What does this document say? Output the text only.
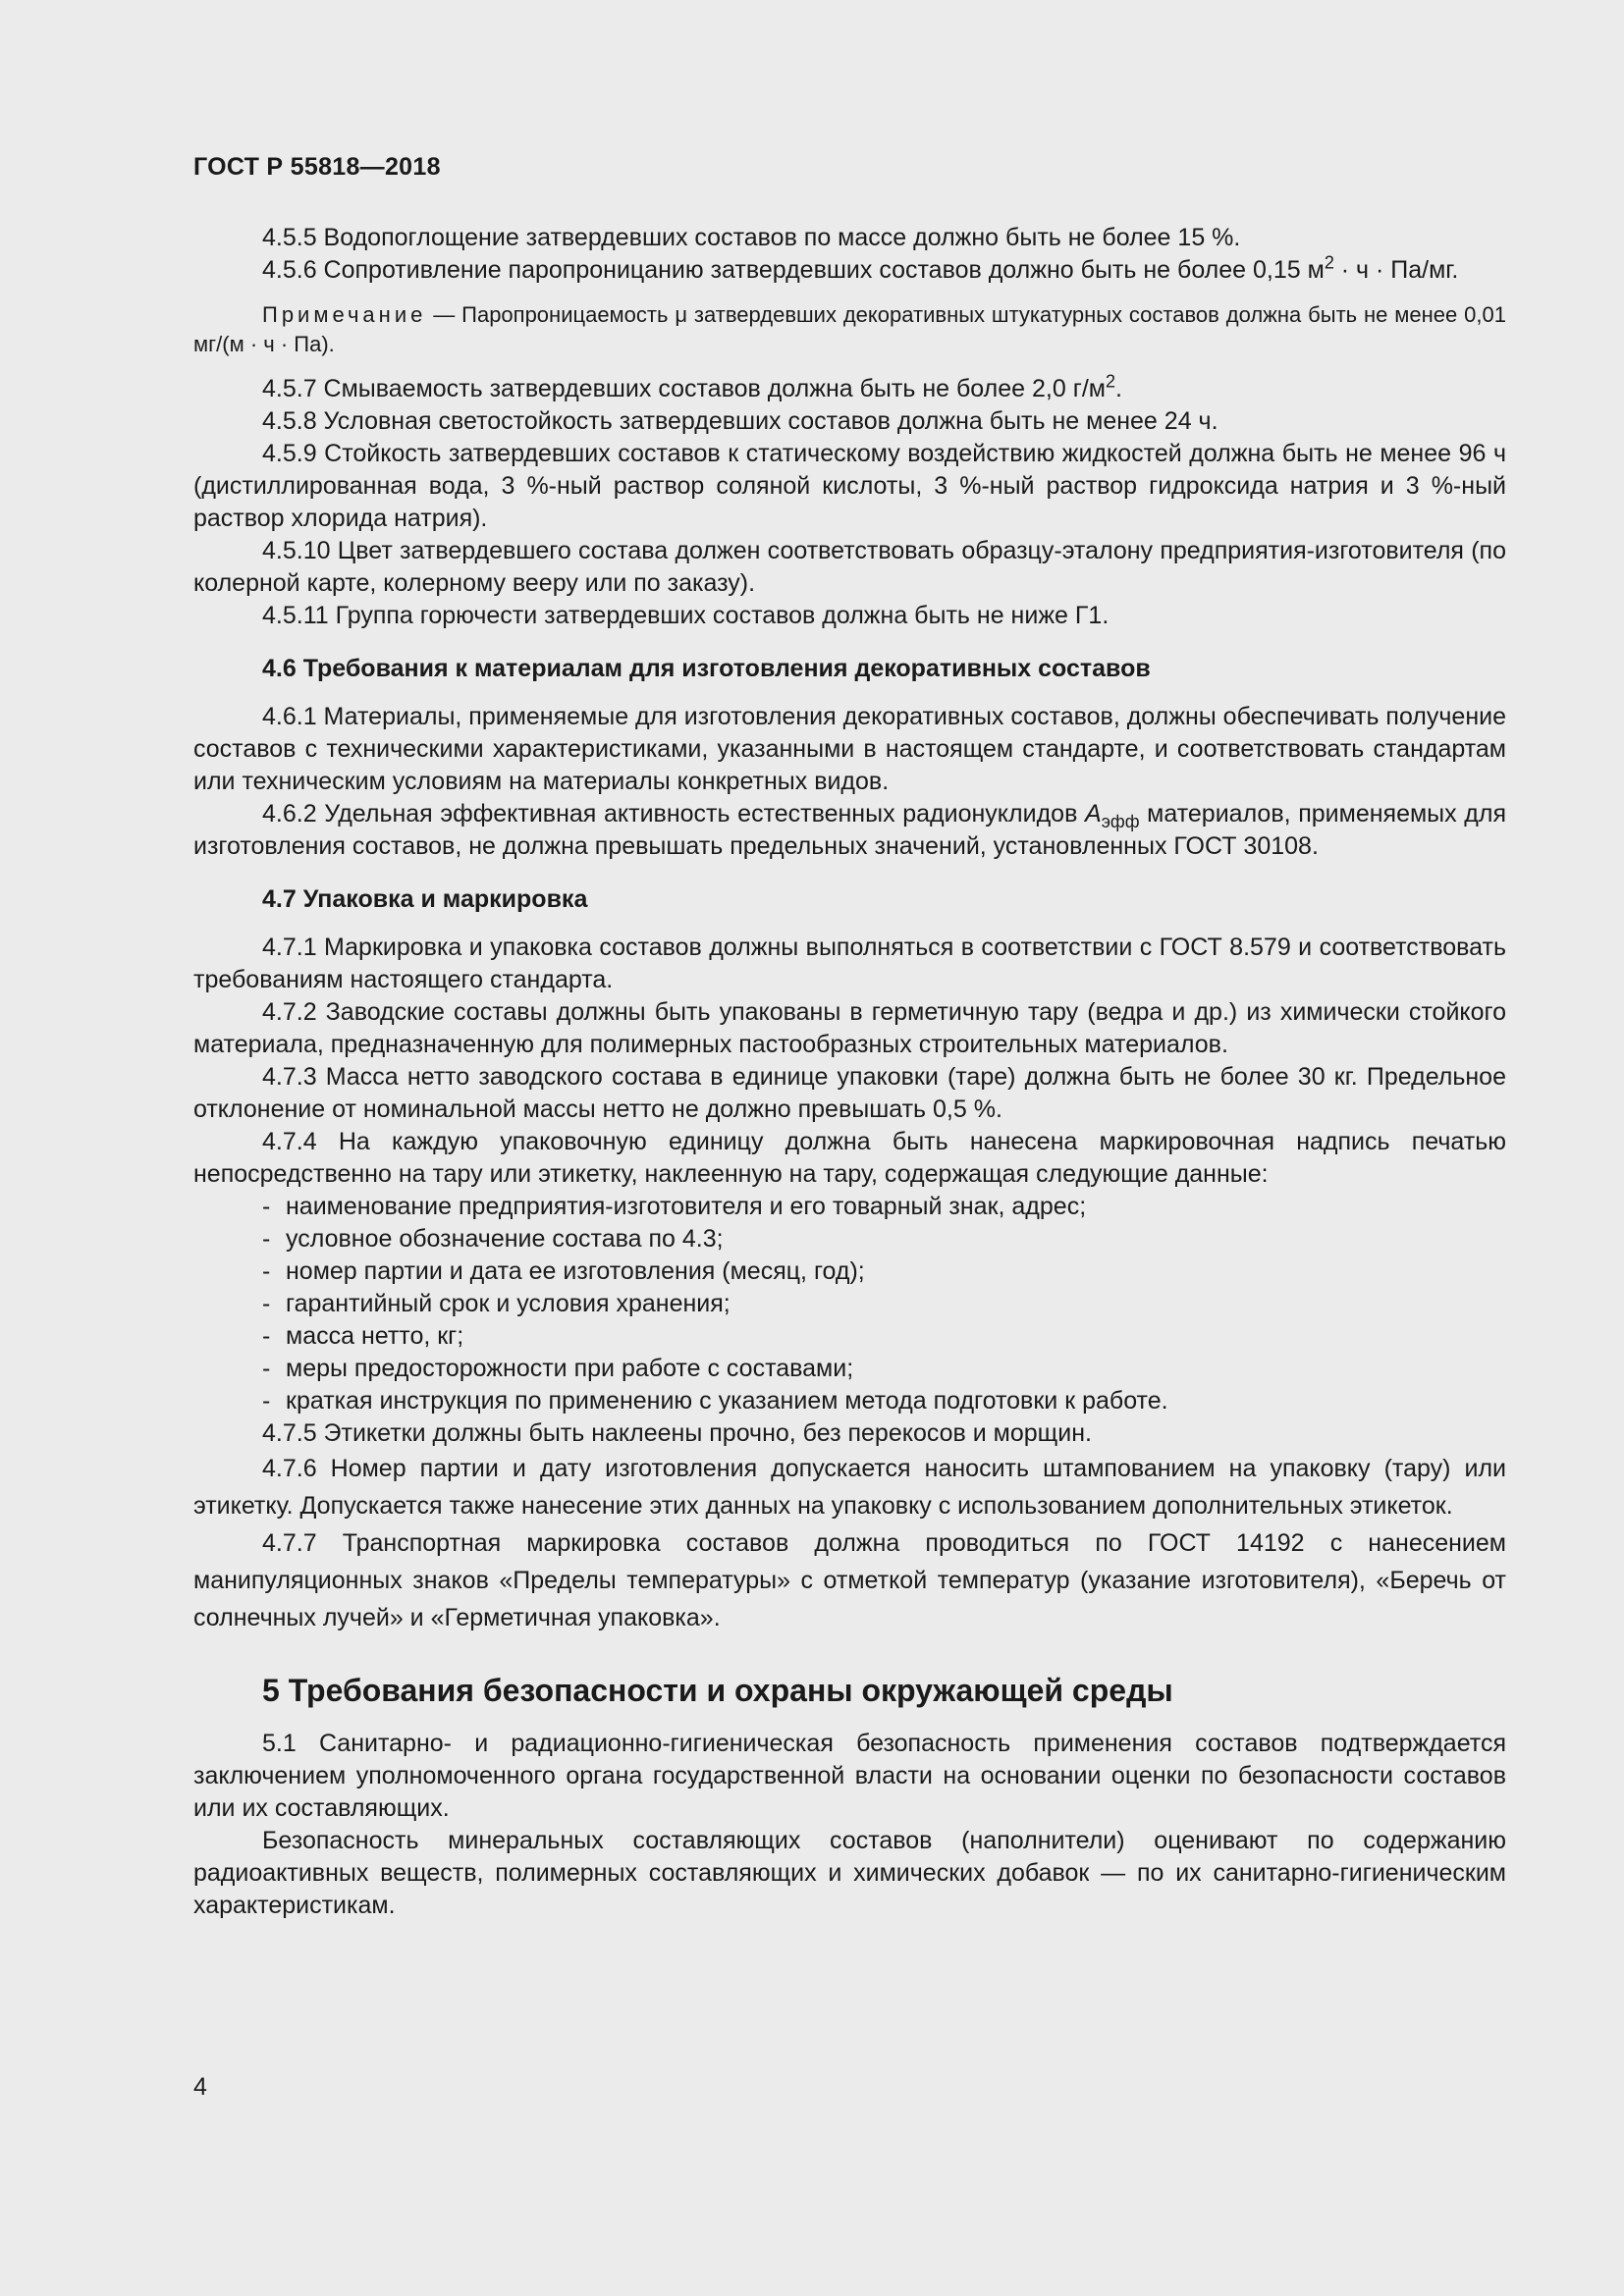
ГОСТ Р 55818—2018

4.5.5 Водопоглощение затвердевших составов по массе должно быть не более 15 %.

4.5.6 Сопротивление паропроницанию затвердевших составов должно быть не более 0,15 $м^2 \cdot ч \cdot Па/мг$.

Примечание — Паропроницаемость μ затвердевших декоративных штукатурных составов должна быть не менее 0,01 мг/(м · ч · Па).

4.5.7 Смываемость затвердевших составов должна быть не более 2,0 $г/м^2$.

4.5.8 Условная светостойкость затвердевших составов должна быть не менее 24 ч.

4.5.9 Стойкость затвердевших составов к статическому воздействию жидкостей должна быть не менее 96 ч (дистиллированная вода, 3 %-ный раствор соляной кислоты, 3 %-ный раствор гидроксида натрия и 3 %-ный раствор хлорида натрия).

4.5.10 Цвет затвердевшего состава должен соответствовать образцу-эталону предприятия-изготовителя (по колерной карте, колерному вееру или по заказу).

4.5.11 Группа горючести затвердевших составов должна быть не ниже Г1.

4.6 Требования к материалам для изготовления декоративных составов

4.6.1 Материалы, применяемые для изготовления декоративных составов, должны обеспечивать получение составов с техническими характеристиками, указанными в настоящем стандарте, и соответствовать стандартам или техническим условиям на материалы конкретных видов.

4.6.2 Удельная эффективная активность естественных радионуклидов $A_{эфф}$ материалов, применяемых для изготовления составов, не должна превышать предельных значений, установленных ГОСТ 30108.

4.7 Упаковка и маркировка

4.7.1 Маркировка и упаковка составов должны выполняться в соответствии с ГОСТ 8.579 и соответствовать требованиям настоящего стандарта.

4.7.2 Заводские составы должны быть упакованы в герметичную тару (ведра и др.) из химически стойкого материала, предназначенную для полимерных пастообразных строительных материалов.

4.7.3 Масса нетто заводского состава в единице упаковки (таре) должна быть не более 30 кг. Предельное отклонение от номинальной массы нетто не должно превышать 0,5 %.

4.7.4 На каждую упаковочную единицу должна быть нанесена маркировочная надпись печатью непосредственно на тару или этикетку, наклеенную на тару, содержащая следующие данные:

- наименование предприятия-изготовителя и его товарный знак, адрес;

- условное обозначение состава по 4.3;

- номер партии и дата ее изготовления (месяц, год);

- гарантийный срок и условия хранения;

- масса нетто, кг;

- меры предосторожности при работе с составами;

- краткая инструкция по применению с указанием метода подготовки к работе.

4.7.5 Этикетки должны быть наклеены прочно, без перекосов и морщин.

4.7.6 Номер партии и дату изготовления допускается наносить штампованием на упаковку (тару) или этикетку. Допускается также нанесение этих данных на упаковку с использованием дополнительных этикеток.

4.7.7 Транспортная маркировка составов должна проводиться по ГОСТ 14192 с нанесением манипуляционных знаков «Пределы температуры» с отметкой температур (указание изготовителя), «Беречь от солнечных лучей» и «Герметичная упаковка».

5 Требования безопасности и охраны окружающей среды

5.1 Санитарно- и радиационно-гигиеническая безопасность применения составов подтверждается заключением уполномоченного органа государственной власти на основании оценки по безопасности составов или их составляющих.

Безопасность минеральных составляющих составов (наполнители) оценивают по содержанию радиоактивных веществ, полимерных составляющих и химических добавок — по их санитарно-гигиеническим характеристикам.

4
